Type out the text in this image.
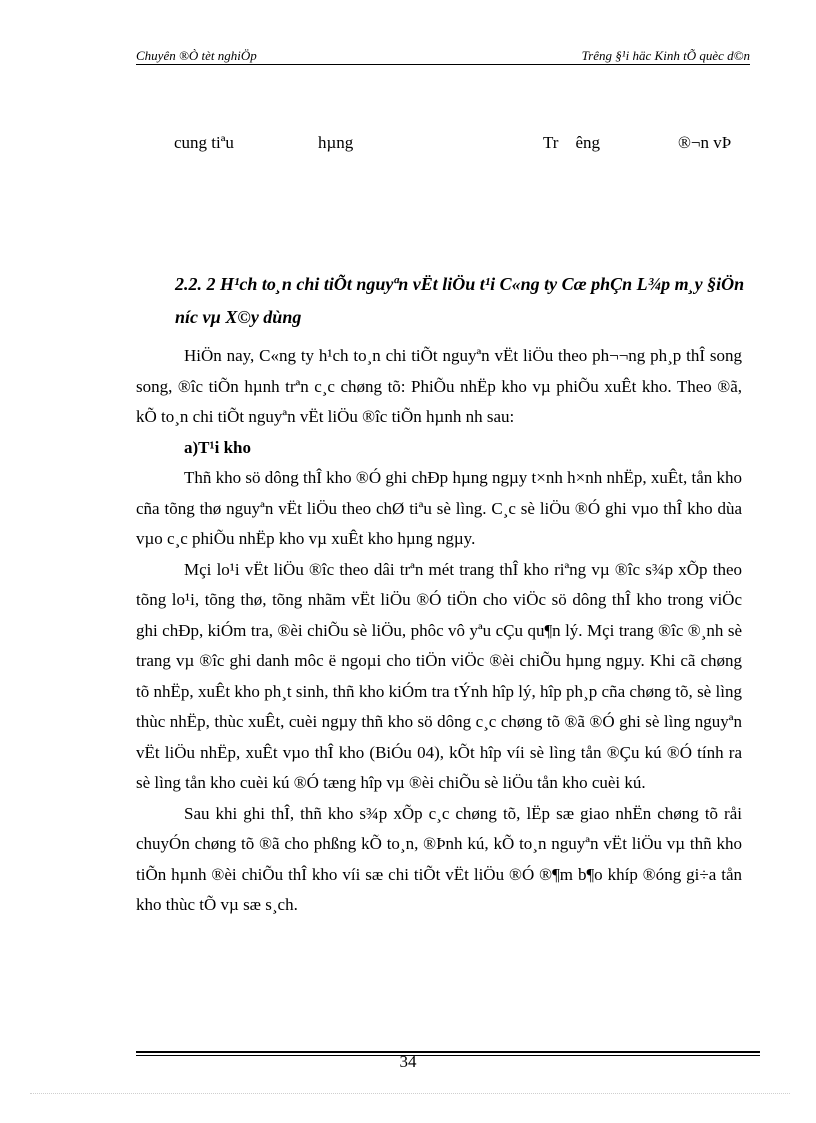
Chuyên ®Ò tèt nghiÖp	Trêng §¹i häc Kinh tÕ quèc d©n
cung tiªu	hµng	Tr    êng	®¬n vÞ
2.2. 2 H¹ch to¸n chi tiÕt nguyªn vËt liÖu t¹i C«ng ty Cæ phÇn L¾p m¸y §iÖn níc vµ X©y dùng

HiÖn nay, C«ng ty h¹ch to¸n chi tiÕt nguyªn vËt liÖu theo ph¬¬ng ph¸p thÎ song song, ®îc tiÕn hµnh trªn c¸c chøng tõ: PhiÕu nhËp kho vµ phiÕu xuÊt kho. Theo ®ã, kÕ to¸n chi tiÕt nguyªn vËt liÖu ®îc tiÕn hµnh nh sau:

a)T¹i kho

Thñ kho sö dông thÎ kho ®Ó ghi chÐp hµng ngµy t×nh h×nh nhËp, xuÊt, tån kho cña tõng thø nguyªn vËt liÖu theo chØ tiªu sè lìng. C¸c sè liÖu ®Ó ghi vµo thÎ kho dùa vµo c¸c phiÕu nhËp kho vµ xuÊt kho hµng ngµy.

Mçi lo¹i vËt liÖu ®îc theo dâi trªn mét trang thÎ kho riªng vµ ®îc s¾p xÕp theo tõng lo¹i, tõng thø, tõng nhãm vËt liÖu ®Ó tiÖn cho viÖc sö dông thÎ kho trong viÖc ghi chÐp, kiÓm tra, ®èi chiÕu sè liÖu, phôc vô yªu cÇu qu¶n lý. Mçi trang ®îc ®¸nh sè trang vµ ®îc ghi danh môc ë ngoµi cho tiÖn viÖc ®èi chiÕu hµng ngµy. Khi cã chøng tõ nhËp, xuÊt kho ph¸t sinh, thñ kho kiÓm tra tÝnh hîp lý, hîp ph¸p cña chøng tõ, sè lìng thùc nhËp, thùc xuÊt, cuèi ngµy thñ kho sö dông c¸c chøng tõ ®ã ®Ó ghi sè lìng nguyªn vËt liÖu nhËp, xuÊt vµo thÎ kho (BiÓu 04), kÕt hîp víi sè lìng tån ®Çu kú ®Ó tính ra sè lìng tån kho cuèi kú ®Ó tæng hîp vµ ®èi chiÕu sè liÖu tån kho cuèi kú.

Sau khi ghi thÎ, thñ kho s¾p xÕp c¸c chøng tõ, lËp sæ giao nhËn chøng tõ råi chuyÓn chøng tõ ®ã cho phßng kÕ to¸n, ®Þnh kú, kÕ to¸n nguyªn vËt liÖu vµ thñ kho tiÕn hµnh ®èi chiÕu thÎ kho víi sæ chi tiÕt vËt liÖu ®Ó ®¶m b¶o khíp ®óng gi÷a tån kho thùc tÕ vµ sæ s¸ch.

34
